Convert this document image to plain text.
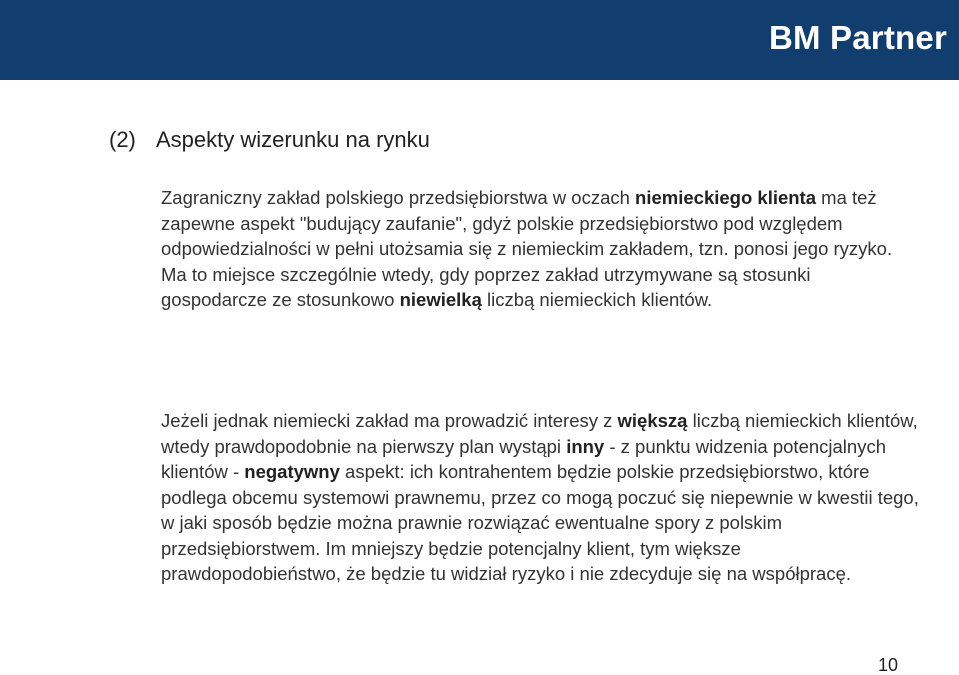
BM Partner
(2) Aspekty wizerunku na rynku
Zagraniczny zakład polskiego przedsiębiorstwa w oczach niemieckiego klienta ma też zapewne aspekt "budujący zaufanie", gdyż polskie przedsiębiorstwo pod względem odpowiedzialności w pełni utożsamia się z niemieckim zakładem, tzn. ponosi jego ryzyko. Ma to miejsce szczególnie wtedy, gdy poprzez zakład utrzymywane są stosunki gospodarcze ze stosunkowo niewielką liczbą niemieckich klientów.
Jeżeli jednak niemiecki zakład ma prowadzić interesy z większą liczbą niemieckich klientów, wtedy prawdopodobnie na pierwszy plan wystąpi inny - z punktu widzenia potencjalnych klientów - negatywny aspekt: ich kontrahentem będzie polskie przedsiębiorstwo, które podlega obcemu systemowi prawnemu, przez co mogą poczuć się niepewnie w kwestii tego, w jaki sposób będzie można prawnie rozwiązać ewentualne spory z polskim przedsiębiorstwem. Im mniejszy będzie potencjalny klient, tym większe prawdopodobieństwo, że będzie tu widział ryzyko i nie zdecyduje się na współpracę.
10
